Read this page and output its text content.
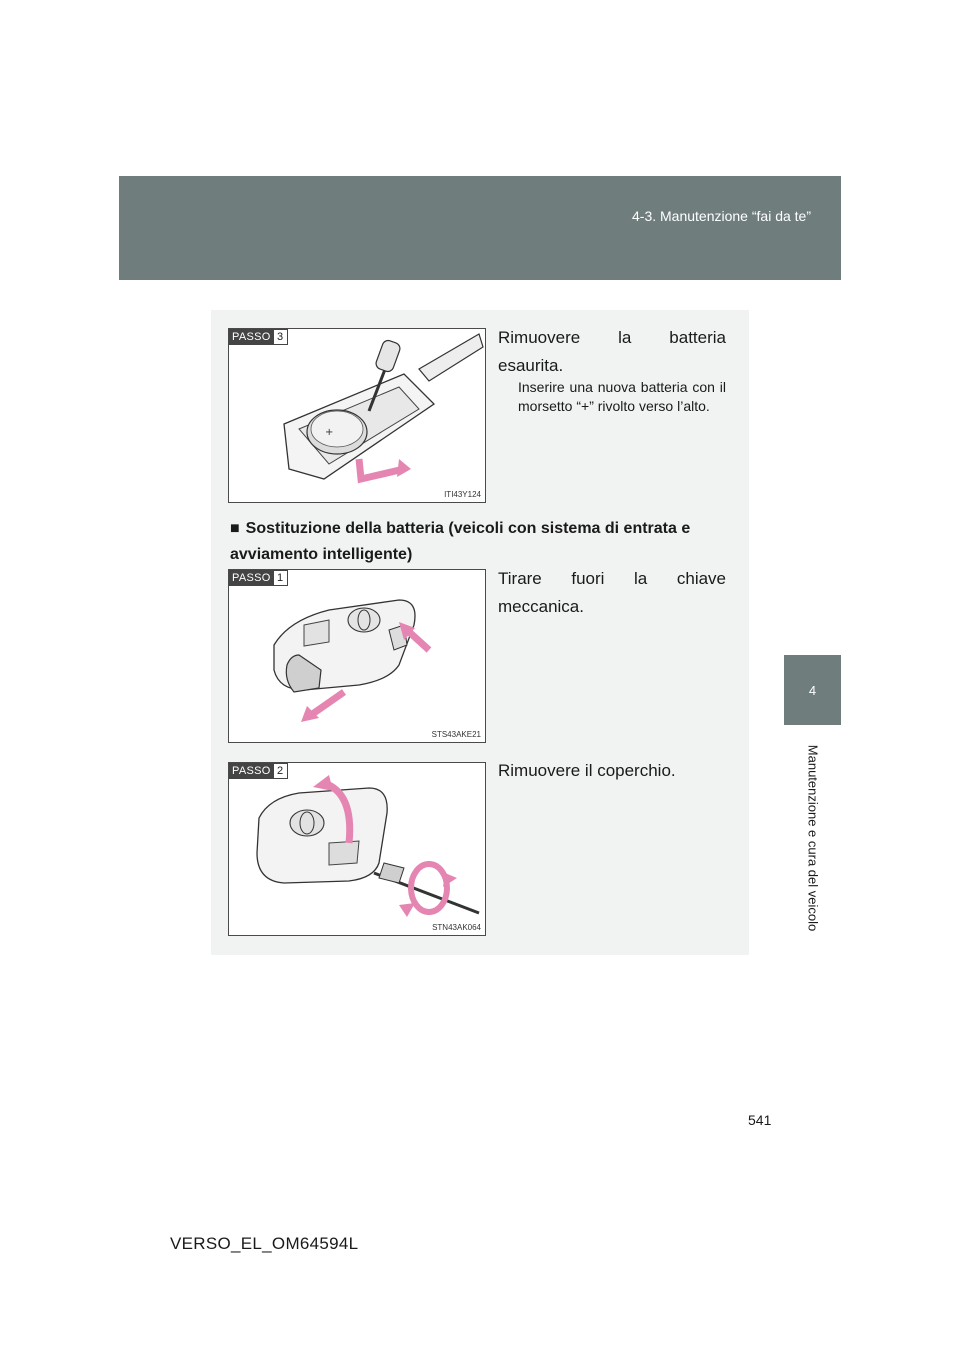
4-3. Manutenzione “fai da te”
4
Manutenzione e cura del veicolo
+
PASSO 3
ITI43Y124
Rimuovere la batteria esaurita.
Inserire una nuova batteria con il morsetto “+” rivolto verso l’alto.
■ Sostituzione della batteria (veicoli con sistema di entrata e avviamento intelligente)
PASSO 1
STS43AKE21
Tirare fuori la chiave meccanica.
PASSO 2
STN43AK064
Rimuovere il coperchio.
541
VERSO_EL_OM64594L
